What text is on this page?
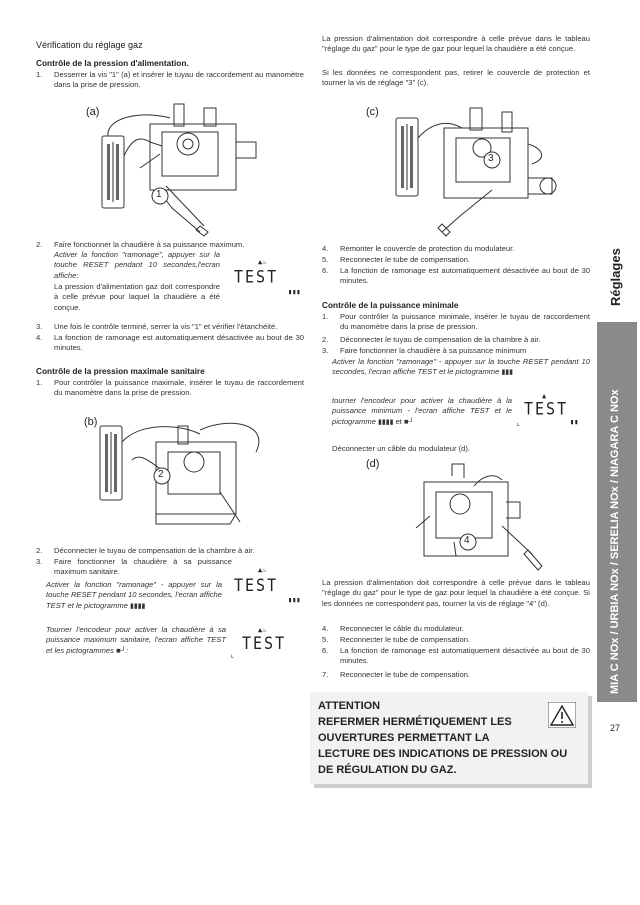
Vérification du réglage gaz
Contrôle de la pression d'alimentation.
1.	Desserrer la vis "1" (a) et insérer le tuyau de raccordement au manomètre dans la prise de pression.
(a)
1
2.	Faire fonctionner la chaudière à sa puissance maximum.
Activer la fonction "ramonage", appuyer sur la touche RESET pendant 10 secondes,l'ecran affiche:
La pression d'alimentation gaz doit correspondre à celle prévue pour laquel la chaudière a été conçue.
▲♨
TEST
▮▮▮
3.	Une fois le contrôle terminé, serrer la vis "1" et vérifier l'étanchéité.
4.	La fonction de ramonage est automatiquement désactivée au bout de 30 minutes.
Contrôle de la pression maximale sanitaire
1.	Pour contrôler la puissance maximale, insérer le tuyau de raccordement du manomètre dans la prise de pression.
(b)
2
2.	Déconnecter le tuyau de compensation de la chambre à air.
3.	Faire fonctionner la chaudière à sa puissance maximum sanitaire.
Activer la fonction "ramonage" - appuyer sur la touche RESET pendant 10 secondes, l'ecran affiche TEST et le pictogramme ▮▮▮▮
▲♨
TEST
▮▮▮
Tourner l'encodeur pour activer la chaudière à sa puissance maximum sanitaire, l'ecran affiche TEST et les pictogrammes ■┘:
▲♨
TEST
⌞
La pression d'alimentation doit correspondre à celle prévue dans le tableau "réglage du gaz" pour le type de gaz pour lequel la chaudière a été conçue.
Si les données ne correspondent pas, retirer le couvercle de protection et tourner la vis de réglage "3" (c).
(c)
3
4.	Remonter le couvercle de protection du modulateur.
5.	Reconnecter le tube de compensation.
6.	La fonction de ramonage est automatiquement désactivée au bout de 30 minutes.
Contrôle de la puissance minimale
1.	Pour contrôler la puissance minimale, insérer le tuyau de raccordement du manomètre dans la prise de pression.
2.	Déconnecter le tuyau de compensation de la chambre à air.
3.	Faire fonctionner la chaudière à sa puissance minimum
Activer la fonction "ramonage" - appuyer sur la touche RESET pendant 10 secondes, l'ecran affiche TEST et le pictogramme ▮▮▮
tourner l'encodeur pour activer la chaudière à la puissance minimum - l'ecran affiche TEST et le pictogramme ▮▮▮▮ et ■┘
▲
TEST
⌞	▮▮
Déconnecter un câble du modulateur (d).
(d)
4
La pression d'alimentation doit correspondre à celle prévue dans le tableau "réglage du gaz" pour le type de gaz pour lequel la chaudière a été conçue. Si les données ne correspondent pas, tourner la vis de réglage "4" (d).
4.	Reconnecter le câble du modulateur.
5.	Reconnecter le tube de compensation.
6.	La fonction de ramonage est automatiquement désactivée au bout de 30 minutes.
7.	Reconnecter le tube de compensation.
ATTENTION
REFERMER HERMÉTIQUEMENT LES
OUVERTURES PERMETTANT LA
LECTURE DES INDICATIONS DE PRESSION OU
DE RÉGULATION DU GAZ.
Réglages
MIA C NOx / URBIA NOx / SERELIA NOx / NIAGARA C NOx
27
